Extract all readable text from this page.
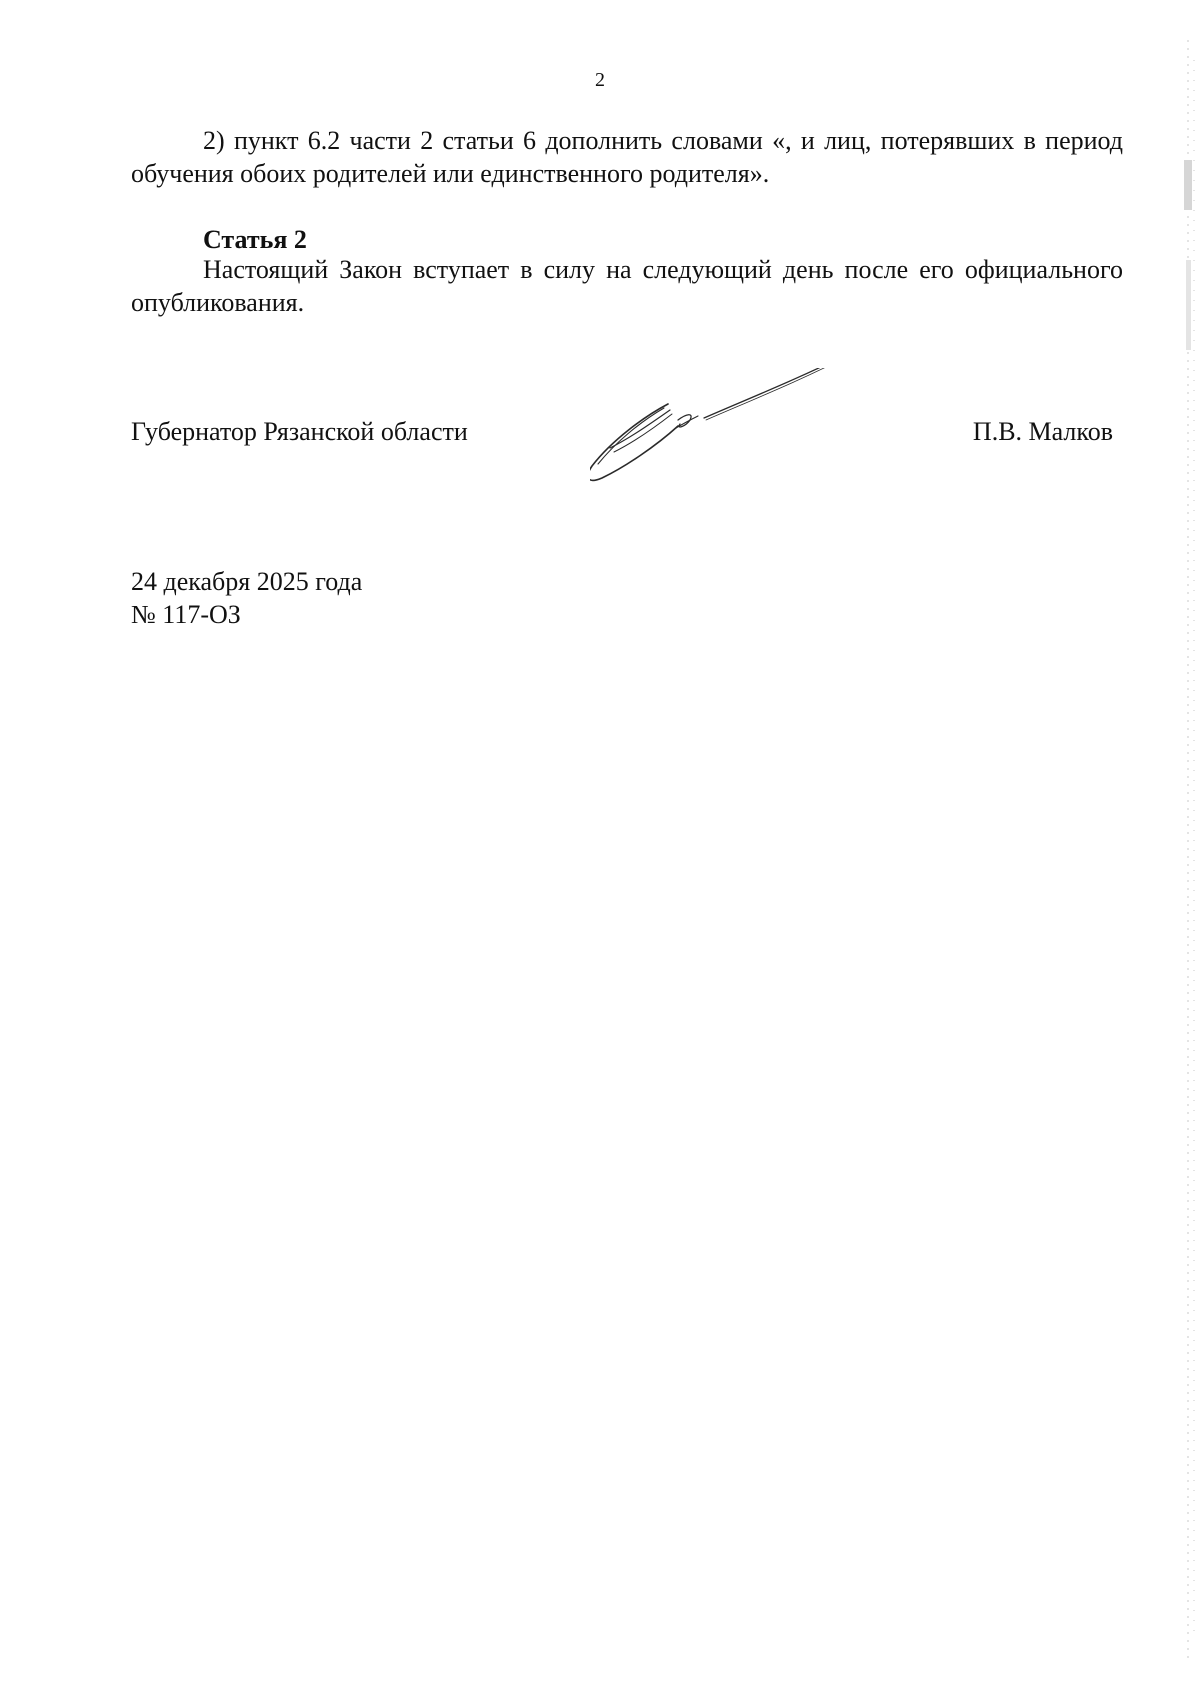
2
2) пункт 6.2 части 2 статьи 6 дополнить словами «, и лиц, потерявших в период обучения обоих родителей или единственного родителя».
Статья 2
Настоящий Закон вступает в силу на следующий день после его официального опубликования.
Губернатор Рязанской области	П.В. Малков
24 декабря 2025 года
№ 117-ОЗ
